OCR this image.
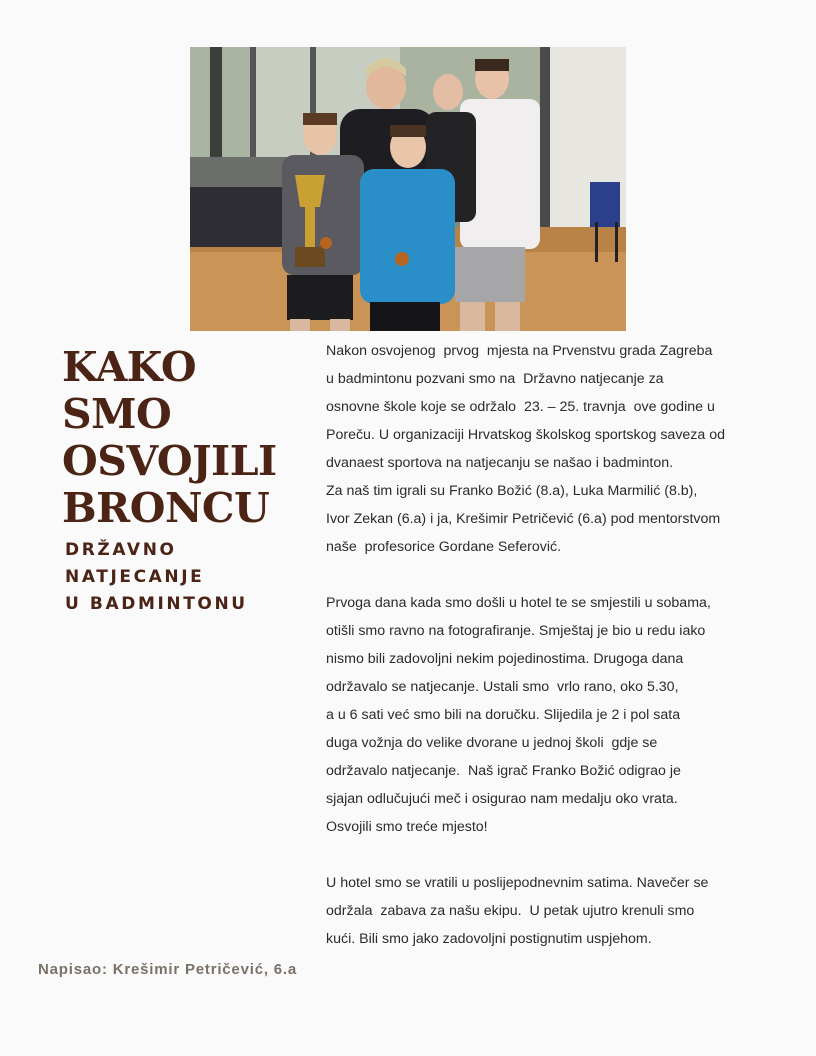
KAKO SMO
OSVOJILI
BRONCU
DRŽAVNO
NATJECANJE
U BADMINTONU
Nakon osvojenog  prvog  mjesta na Prvenstvu grada Zagreba
u badmintonu pozvani smo na  Državno natjecanje za
osnovne škole koje se održalo  23. – 25. travnja  ove godine u
Poreču. U organizaciji Hrvatskog školskog sportskog saveza od
dvanaest sportova na natjecanju se našao i badminton.
Za naš tim igrali su Franko Božić (8.a), Luka Marmilić (8.b),
Ivor Zekan (6.a) i ja, Krešimir Petričević (6.a) pod mentorstvom
naše  profesorice Gordane Seferović.
Prvoga dana kada smo došli u hotel te se smjestili u sobama,
otišli smo ravno na fotografiranje. Smještaj je bio u redu iako
nismo bili zadovoljni nekim pojedinostima. Drugoga dana
održavalo se natjecanje. Ustali smo  vrlo rano, oko 5.30,
a u 6 sati već smo bili na doručku. Slijedila je 2 i pol sata
duga vožnja do velike dvorane u jednoj školi  gdje se
održavalo natjecanje.  Naš igrač Franko Božić odigrao je
sjajan odlučujući meč i osigurao nam medalju oko vrata.
Osvojili smo treće mjesto!
U hotel smo se vratili u poslijepodnevnim satima. Navečer se
održala  zabava za našu ekipu.  U petak ujutro krenuli smo
kući. Bili smo jako zadovoljni postignutim uspjehom.
Napisao: Krešimir Petričević, 6.a
